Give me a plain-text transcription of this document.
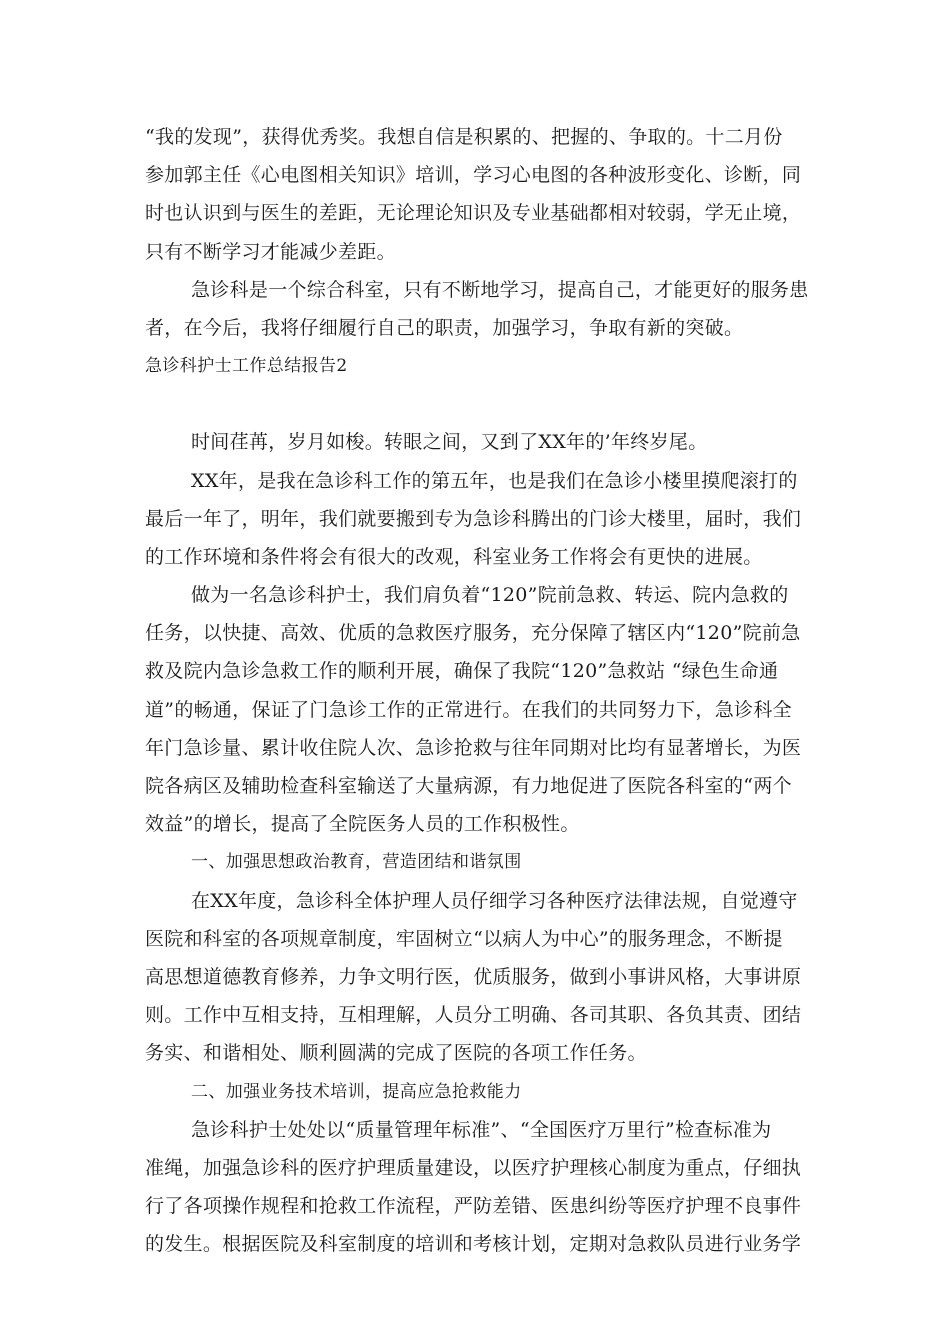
“我的发现”，获得优秀奖。我想自信是积累的、把握的、争取的。十二月份
参加郭主任《心电图相关知识》培训，学习心电图的各种波形变化、诊断，同
时也认识到与医生的差距，无论理论知识及专业基础都相对较弱，学无止境，
只有不断学习才能减少差距。
急诊科是一个综合科室，只有不断地学习，提高自己，才能更好的服务患
者，在今后，我将仔细履行自己的职责，加强学习，争取有新的突破。
急诊科护士工作总结报告2
时间荏苒，岁月如梭。转眼之间，又到了XX年的’年终岁尾。
XX年，是我在急诊科工作的第五年，也是我们在急诊小楼里摸爬滚打的
最后一年了，明年，我们就要搬到专为急诊科腾出的门诊大楼里，届时，我们
的工作环境和条件将会有很大的改观，科室业务工作将会有更快的进展。
做为一名急诊科护士，我们肩负着“120”院前急救、转运、院内急救的
任务，以快捷、高效、优质的急救医疗服务，充分保障了辖区内“120”院前急
救及院内急诊急救工作的顺利开展，确保了我院“120”急救站 “绿色生命通
道”的畅通，保证了门急诊工作的正常进行。在我们的共同努力下，急诊科全
年门急诊量、累计收住院人次、急诊抢救与往年同期对比均有显著增长，为医
院各病区及辅助检查科室输送了大量病源，有力地促进了医院各科室的“两个
效益”的增长，提高了全院医务人员的工作积极性。
一、加强思想政治教育，营造团结和谐氛围
在XX年度，急诊科全体护理人员仔细学习各种医疗法律法规，自觉遵守
医院和科室的各项规章制度，牢固树立“以病人为中心”的服务理念，不断提
高思想道德教育修养，力争文明行医，优质服务，做到小事讲风格，大事讲原
则。工作中互相支持，互相理解，人员分工明确、各司其职、各负其责、团结
务实、和谐相处、顺利圆满的完成了医院的各项工作任务。
二、加强业务技术培训，提高应急抢救能力
急诊科护士处处以“质量管理年标准”、“全国医疗万里行”检查标准为
准绳，加强急诊科的医疗护理质量建设，以医疗护理核心制度为重点，仔细执
行了各项操作规程和抢救工作流程，严防差错、医患纠纷等医疗护理不良事件
的发生。根据医院及科室制度的培训和考核计划，定期对急救队员进行业务学
